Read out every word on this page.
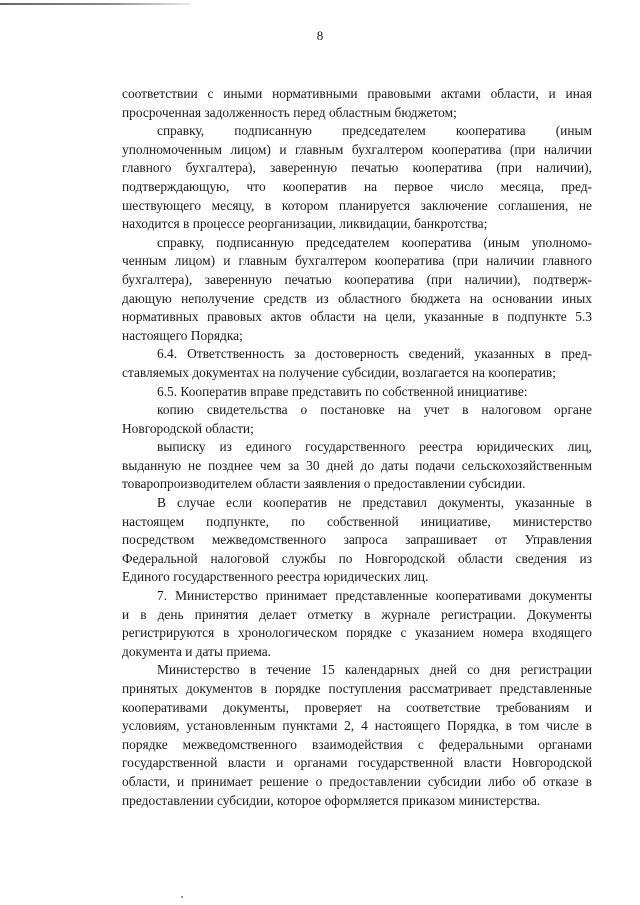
8
соответствии с иными нормативными правовыми актами области, и иная
просроченная задолженность перед областным бюджетом;
справку, подписанную председателем кооператива (иным
уполномоченным лицом) и главным бухгалтером кооператива (при наличии
главного бухгалтера), заверенную печатью кооператива (при наличии),
подтверждающую, что кооператив на первое число месяца, пред-
шествующего месяцу, в котором планируется заключение соглашения, не
находится в процессе реорганизации, ликвидации, банкротства;
справку, подписанную председателем кооператива (иным уполномо-
ченным лицом) и главным бухгалтером кооператива (при наличии главного
бухгалтера), заверенную печатью кооператива (при наличии), подтверж-
дающую неполучение средств из областного бюджета на основании иных
нормативных правовых актов области на цели, указанные в подпункте 5.3
настоящего Порядка;
6.4. Ответственность за достоверность сведений, указанных в пред-
ставляемых документах на получение субсидии, возлагается на кооператив;
6.5. Кооператив вправе представить по собственной инициативе:
копию свидетельства о постановке на учет в налоговом органе
Новгородской области;
выписку из единого государственного реестра юридических лиц,
выданную не позднее чем за 30 дней до даты подачи сельскохозяйственным
товаропроизводителем области заявления о предоставлении субсидии.
В случае если кооператив не представил документы, указанные в
настоящем подпункте, по собственной инициативе, министерство
посредством межведомственного запроса запрашивает от Управления
Федеральной налоговой службы по Новгородской области сведения из
Единого государственного реестра юридических лиц.
7. Министерство принимает представленные кооперативами документы
и в день принятия делает отметку в журнале регистрации. Документы
регистрируются в хронологическом порядке с указанием номера входящего
документа и даты приема.
Министерство в течение 15 календарных дней со дня регистрации
принятых документов в порядке поступления рассматривает представленные
кооперативами документы, проверяет на соответствие требованиям и
условиям, установленным пунктами 2, 4 настоящего Порядка, в том числе в
порядке межведомственного взаимодействия с федеральными органами
государственной власти и органами государственной власти Новгородской
области, и принимает решение о предоставлении субсидии либо об отказе в
предоставлении субсидии, которое оформляется приказом министерства.
